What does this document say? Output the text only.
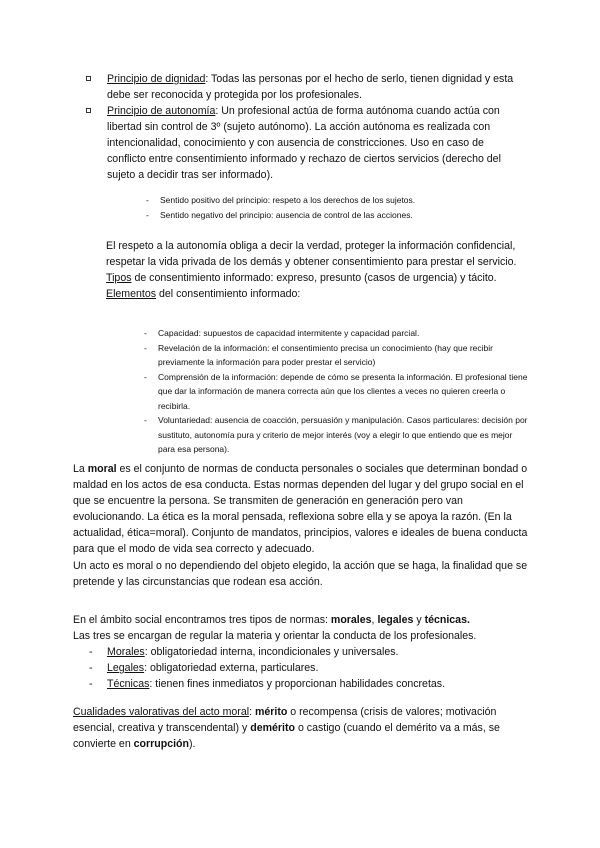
Principio de dignidad: Todas las personas por el hecho de serlo, tienen dignidad y esta debe ser reconocida y protegida por los profesionales.

Principio de autonomía: Un profesional actúa de forma autónoma cuando actúa con libertad sin control de 3º (sujeto autónomo). La acción autónoma es realizada con intencionalidad, conocimiento y con ausencia de constricciones. Uso en caso de conflicto entre consentimiento informado y rechazo de ciertos servicios (derecho del sujeto a decidir tras ser informado).

- Sentido positivo del principio: respeto a los derechos de los sujetos.

- Sentido negativo del principio: ausencia de control de las acciones.

El respeto a la autonomía obliga a decir la verdad, proteger la información confidencial, respetar la vida privada de los demás y obtener consentimiento para prestar el servicio.

Tipos de consentimiento informado: expreso, presunto (casos de urgencia) y tácito.

Elementos del consentimiento informado:

- Capacidad: supuestos de capacidad intermitente y capacidad parcial.

- Revelación de la información: el consentimiento precisa un conocimiento (hay que recibir previamente la información para poder prestar el servicio)

- Comprensión de la información: depende de cómo se presenta la información. El profesional tiene que dar la información de manera correcta aún que los clientes a veces no quieren creerla o recibirla.

- Voluntariedad: ausencia de coacción, persuasión y manipulación. Casos particulares: decisión por sustituto, autonomía pura y criterio de mejor interés (voy a elegir lo que entiendo que es mejor para esa persona).

La moral es el conjunto de normas de conducta personales o sociales que determinan bondad o maldad en los actos de esa conducta. Estas normas dependen del lugar y del grupo social en el que se encuentre la persona. Se transmiten de generación en generación pero van evolucionando. La ética es la moral pensada, reflexiona sobre ella y se apoya la razón. (En la actualidad, ética=moral). Conjunto de mandatos, principios, valores e ideales de buena conducta para que el modo de vida sea correcto y adecuado.

Un acto es moral o no dependiendo del objeto elegido, la acción que se haga, la finalidad que se pretende y las circunstancias que rodean esa acción.

En el ámbito social encontramos tres tipos de normas: morales, legales y técnicas.

Las tres se encargan de regular la materia y orientar la conducta de los profesionales.

- Morales: obligatoriedad interna, incondicionales y universales.

- Legales: obligatoriedad externa, particulares.

- Técnicas: tienen fines inmediatos y proporcionan habilidades concretas.

Cualidades valorativas del acto moral: mérito o recompensa (crisis de valores; motivación esencial, creativa y transcendental) y demérito o castigo (cuando el demérito va a más, se convierte en corrupción).
